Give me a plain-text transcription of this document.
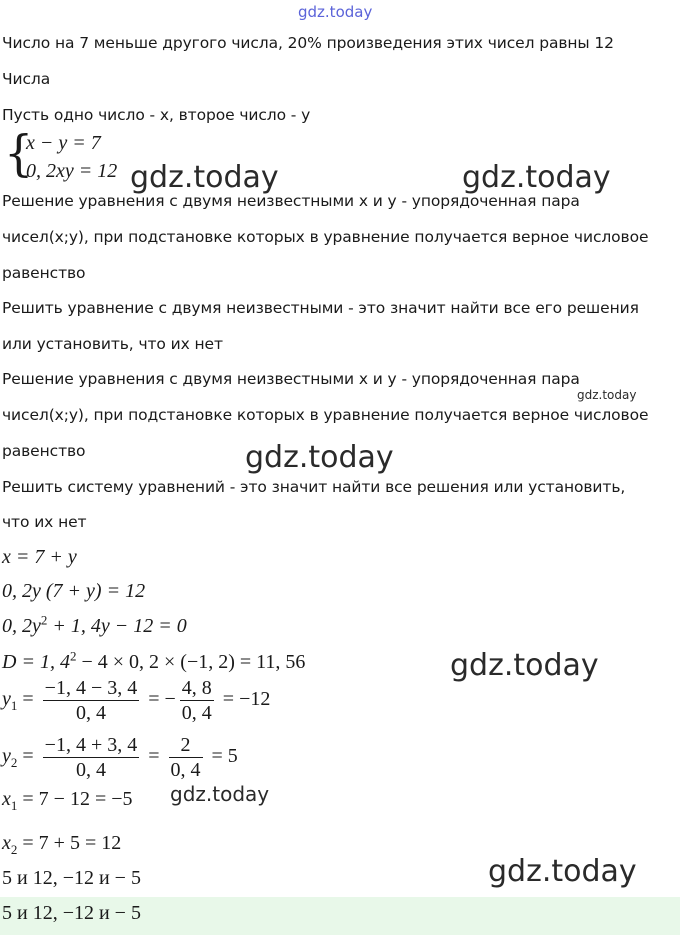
gdz.today
Число на 7 меньше другого числа, 20% произведения этих чисел равны 12
Числа
Пусть одно число - x, второе число - y
{
x − y = 7
0, 2xy = 12 gdz.today	gdz.today
Решение уравнения с двумя неизвестными х и у - упорядоченная пара
чисел(х;у), при подстановке которых в уравнение получается верное числовое
равенство
Решить уравнение с двумя неизвестными - это значит найти все его решения
или установить, что их нет
Решение уравнения с двумя неизвестными х и у - упорядоченная пара
gdz.today
чисел(х;у), при подстановке которых в уравнение получается верное числовое
равенство	gdz.today
Решить систему уравнений - это значит найти все решения или установить,
что их нет
x = 7 + y
0, 2y (7 + y) = 12
0, $2y^2 + 1$, 4y − 12 = 0
D = 1, $4^2 - 4 \times 0$, 2 × (−1, 2) = 11, 56	gdz.today
$y_1 = \frac{-1, 4 - 3, 4}{0, 4}$ = − $\frac{4, 8}{0, 4} = -12$
$y_2 = \frac{-1, 4 + 3, 4}{0, 4} = \frac{2}{0, 4} = 5$
$x_1 = 7 - 12 = -5$ gdz.today
$x_2 = 7 + 5 = 12$
5 и 12, −12 и − 5	gdz.today
5 и 12, −12 и − 5
